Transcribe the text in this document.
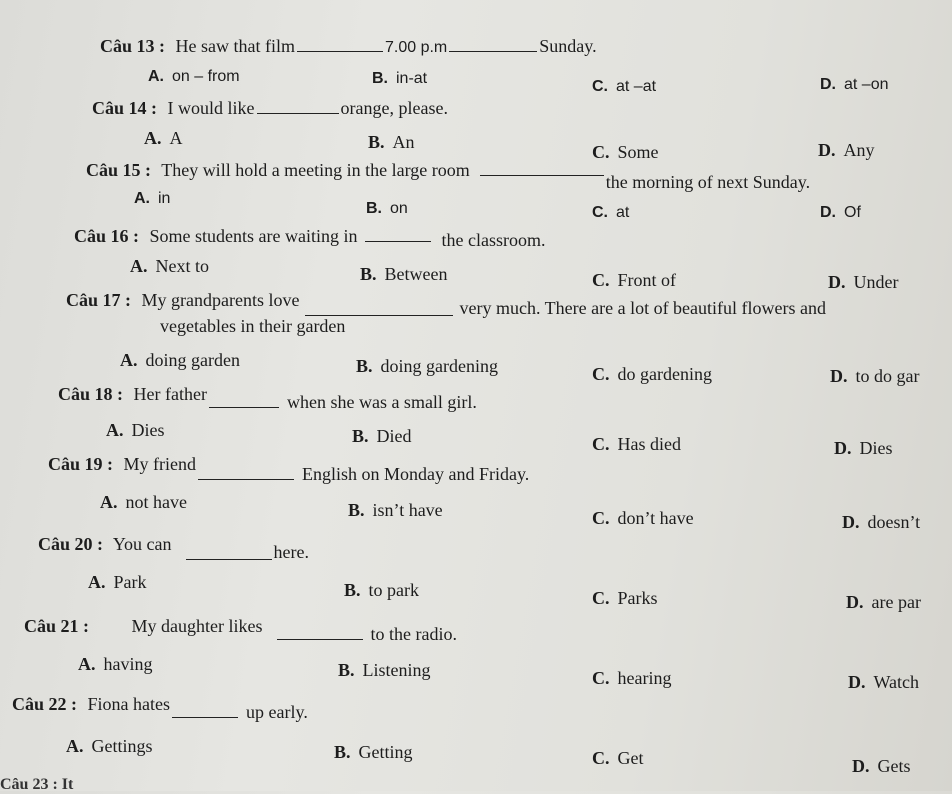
Câu 13 : He saw that film	7.00 p.m	Sunday.
A. on – from	B. in-at	C. at –at	D. at –on
Câu 14 : I would like	orange, please.
A. A	B. An	C. Some	D. Any
Câu 15 : They will hold a meeting in the large roomthe morning of next Sunday.
A. in
B. on	C. at	D. Of
Câu 16 : Some students are waiting in	the classroom.
A. Next to	B. Between	C. Front of	D. Under
Câu 17 : My grandparents love	very much. There are a lot of beautiful flowers and
vegetables in their garden
A. doing garden	B. doing gardening	C. do gardening	D. to do gar
Câu 18 : Her father	when she was a small girl.
A. Dies	B. Died	C. Has died	D. Dies
Câu 19 : My friend	English on Monday and Friday.
A. not have	B. isn’t have	C. don’t have	D. doesn’t
Câu 20 : You can	here.
A. Park	B. to park	C. Parks	D. are par
Câu 21 : My daughter likes	to the radio.
A. having	B. Listening	C. hearing	D. Watch
Câu 22 : Fiona hates	up early.
A. Gettings	B. Getting	C. Get	D. Gets
Câu 23 : It
